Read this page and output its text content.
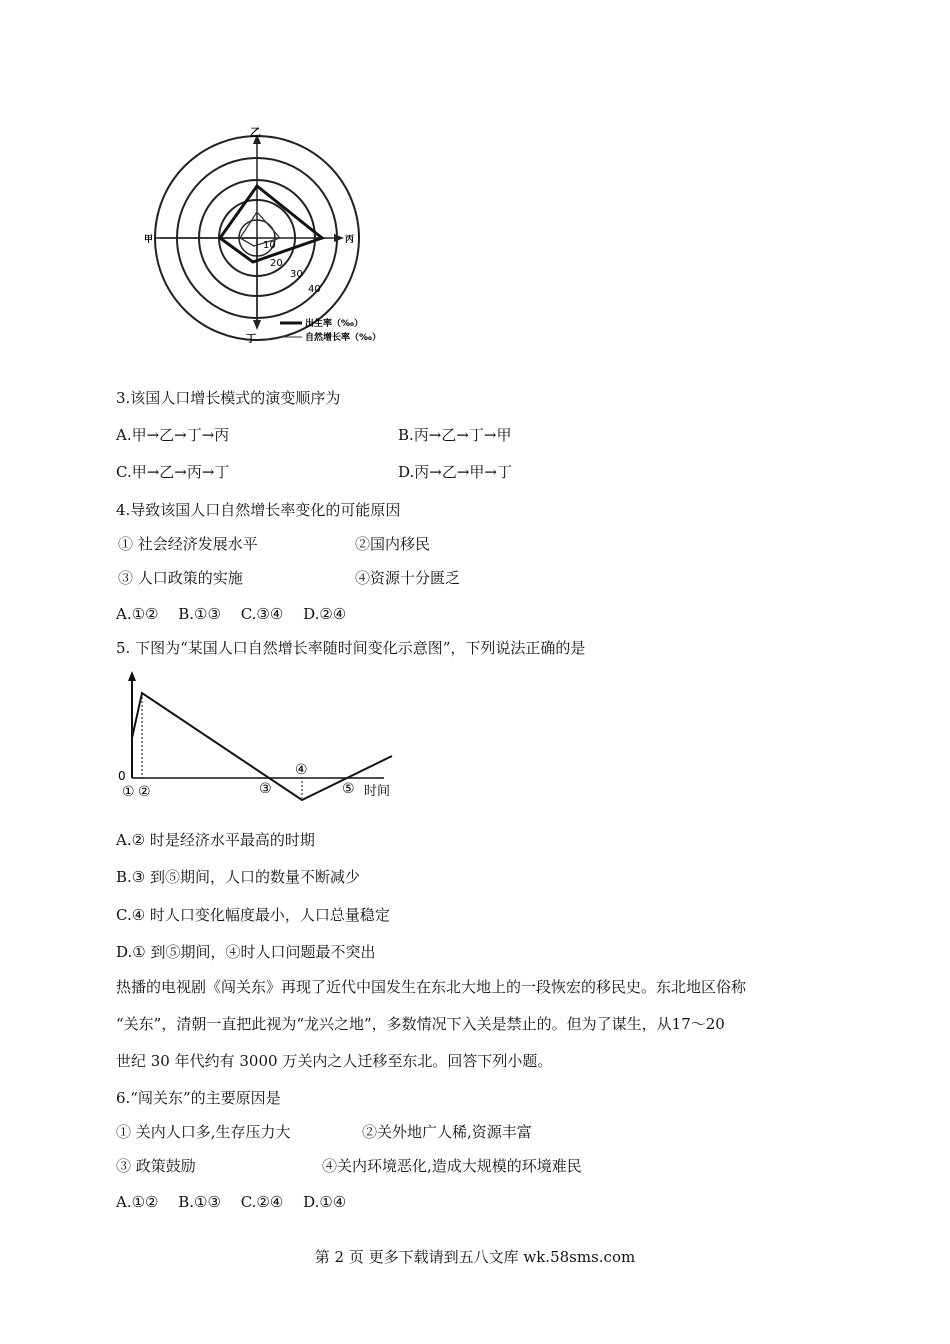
乙
甲	丙
丁
10
20
30
40
出生率（‰）
自然增长率（‰）
3.该国人口增长模式的演变顺序为
A.甲→乙→丁→丙	B.丙→乙→丁→甲
C.甲→乙→丙→丁	D.丙→乙→甲→丁
4.导致该国人口自然增长率变化的可能原因
① 社会经济发展水平	②国内移民
③ 人口政策的实施	④资源十分匮乏
A.①②　 B.①③　 C.③④　 D.②④
5. 下图为“某国人口自然增长率随时间变化示意图”，下列说法正确的是
0
① ②	③
④
⑤ 时间
A.② 时是经济水平最高的时期
B.③ 到⑤期间，人口的数量不断减少
C.④ 时人口变化幅度最小，人口总量稳定
D.① 到⑤期间，④时人口问题最不突出
热播的电视剧《闯关东》再现了近代中国发生在东北大地上的一段恢宏的移民史。东北地区俗称
“关东”，清朝一直把此视为“龙兴之地”，多数情况下入关是禁止的。但为了谋生，从17～20
世纪 30 年代约有 3000 万关内之人迁移至东北。回答下列小题。
6.“闯关东”的主要原因是
① 关内人口多,生存压力大	②关外地广人稀,资源丰富
③ 政策鼓励	④关内环境恶化,造成大规模的环境难民
A.①②　 B.①③　 C.②④　 D.①④
第 2 页 更多下载请到五八文库 wk.58sms.com
